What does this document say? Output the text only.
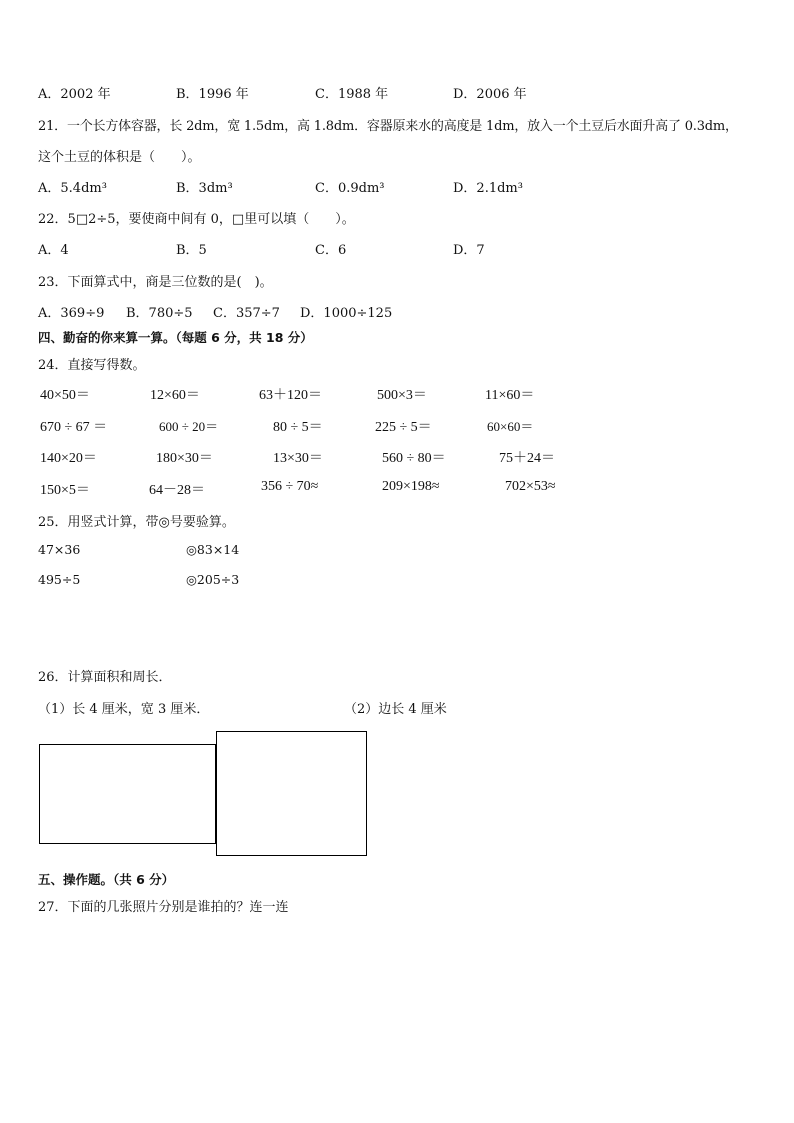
A．2002 年	B．1996 年	C．1988 年	D．2006 年
21．一个长方体容器，长 2dm，宽 1.5dm，高 1.8dm．容器原来水的高度是 1dm，放入一个土豆后水面升高了 0.3dm，
这个土豆的体积是（　　）。
A．5.4dm³	B．3dm³	C．0.9dm³	D．2.1dm³
22．5□2÷5，要使商中间有 0，□里可以填（　　）。
A．4	B．5	C．6	D．7
23．下面算式中，商是三位数的是(　)。
A．369÷9 B．780÷5 C．357÷7 D．1000÷125
四、勤奋的你来算一算。（每题 6 分，共 18 分）
24．直接写得数。
40×50＝	12×60＝	63＋120＝	500×3＝	11×60＝
670 ÷ 67 ＝	600 ÷ 20＝	80 ÷ 5＝	225 ÷ 5＝	60×60＝
140×20＝	180×30＝	13×30＝	560 ÷ 80＝	75＋24＝
150×5＝	64－28＝	356 ÷ 70≈	209×198≈	702×53≈
25．用竖式计算，带◎号要验算。
47×36	◎83×14
495÷5	◎205÷3
26．计算面积和周长．
（1）长 4 厘米，宽 3 厘米．	（2）边长 4 厘米
五、操作题。（共 6 分）
27．下面的几张照片分别是谁拍的？连一连
